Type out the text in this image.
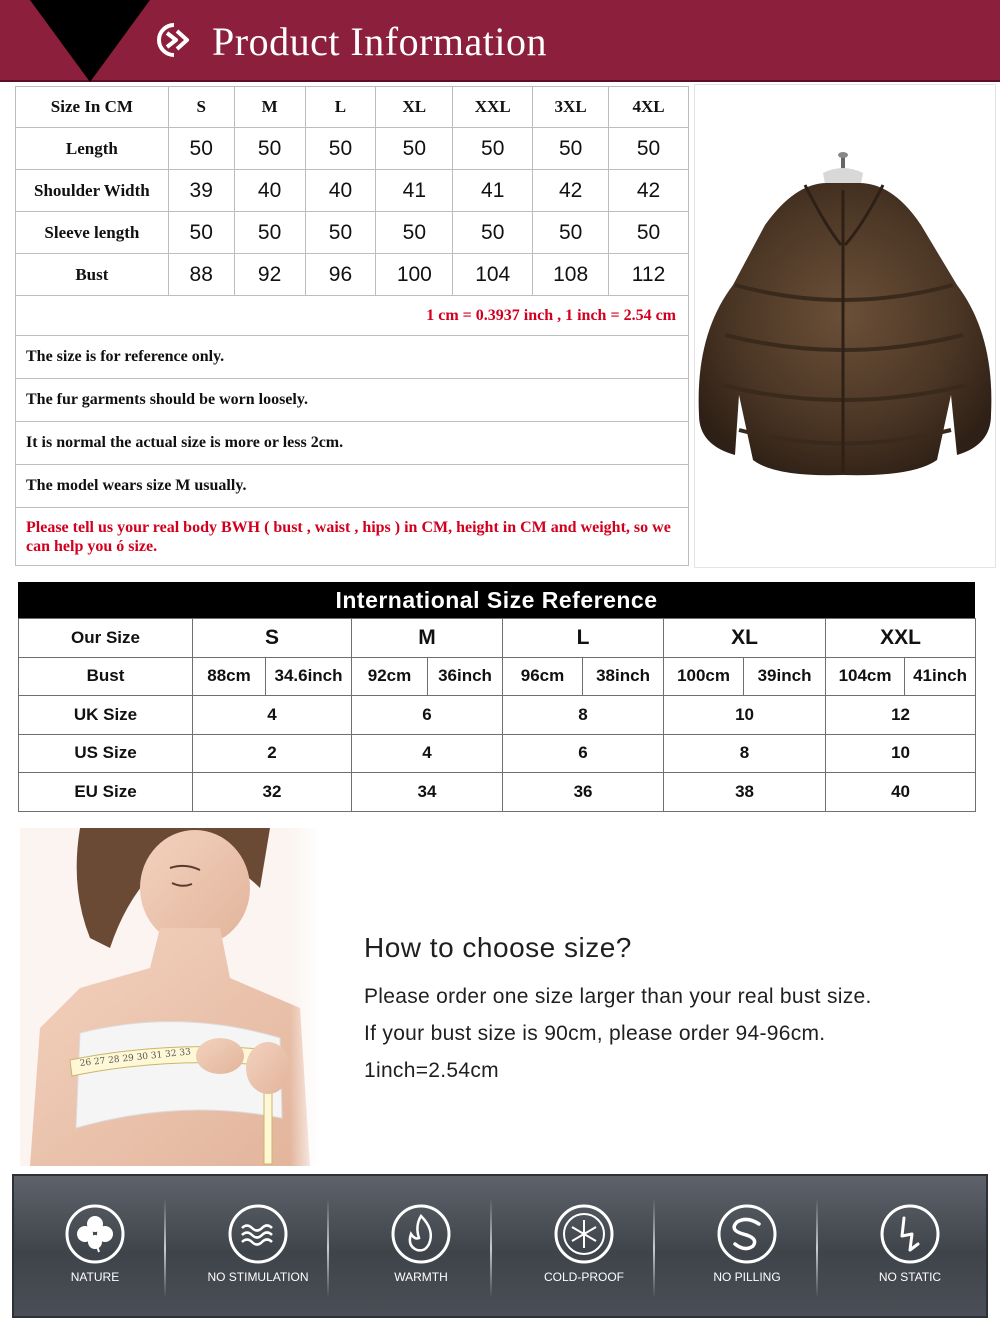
Product Information
Size In CM	S	M	L	XL	XXL	3XL	4XL
Length	50	50	50	50	50	50	50
Shoulder Width	39	40	40	41	41	42	42
Sleeve length	50	50	50	50	50	50	50
Bust	88	92	96	100	104	108	112
1 cm = 0.3937 inch , 1 inch = 2.54 cm							
The size is for reference only.							
The fur garments should be worn loosely.							
It is normal the actual size is more or less 2cm.							
The model wears size M usually.							
Please tell us your real body BWH ( bust , waist , hips ) in CM, height in CM and weight, so we can help you ó size.							
International Size Reference
Our Size	S		M		L		XL		XXL	
Bust	88cm	34.6inch	92cm	36inch	96cm	38inch	100cm	39inch	104cm	41inch
UK Size	4		6		8		10		12	
US Size	2		4		6		8		10	
EU Size	32		34		36		38		40	
26 27 28 29 30 31 32 33
How to choose size?

Please order one size larger than your real bust size.

If your bust size is 90cm, please order 94-96cm.

1inch=2.54cm

NATURE	NO STIMULATION	WARMTH	COLD-PROOF	NO PILLING	NO STATIC
